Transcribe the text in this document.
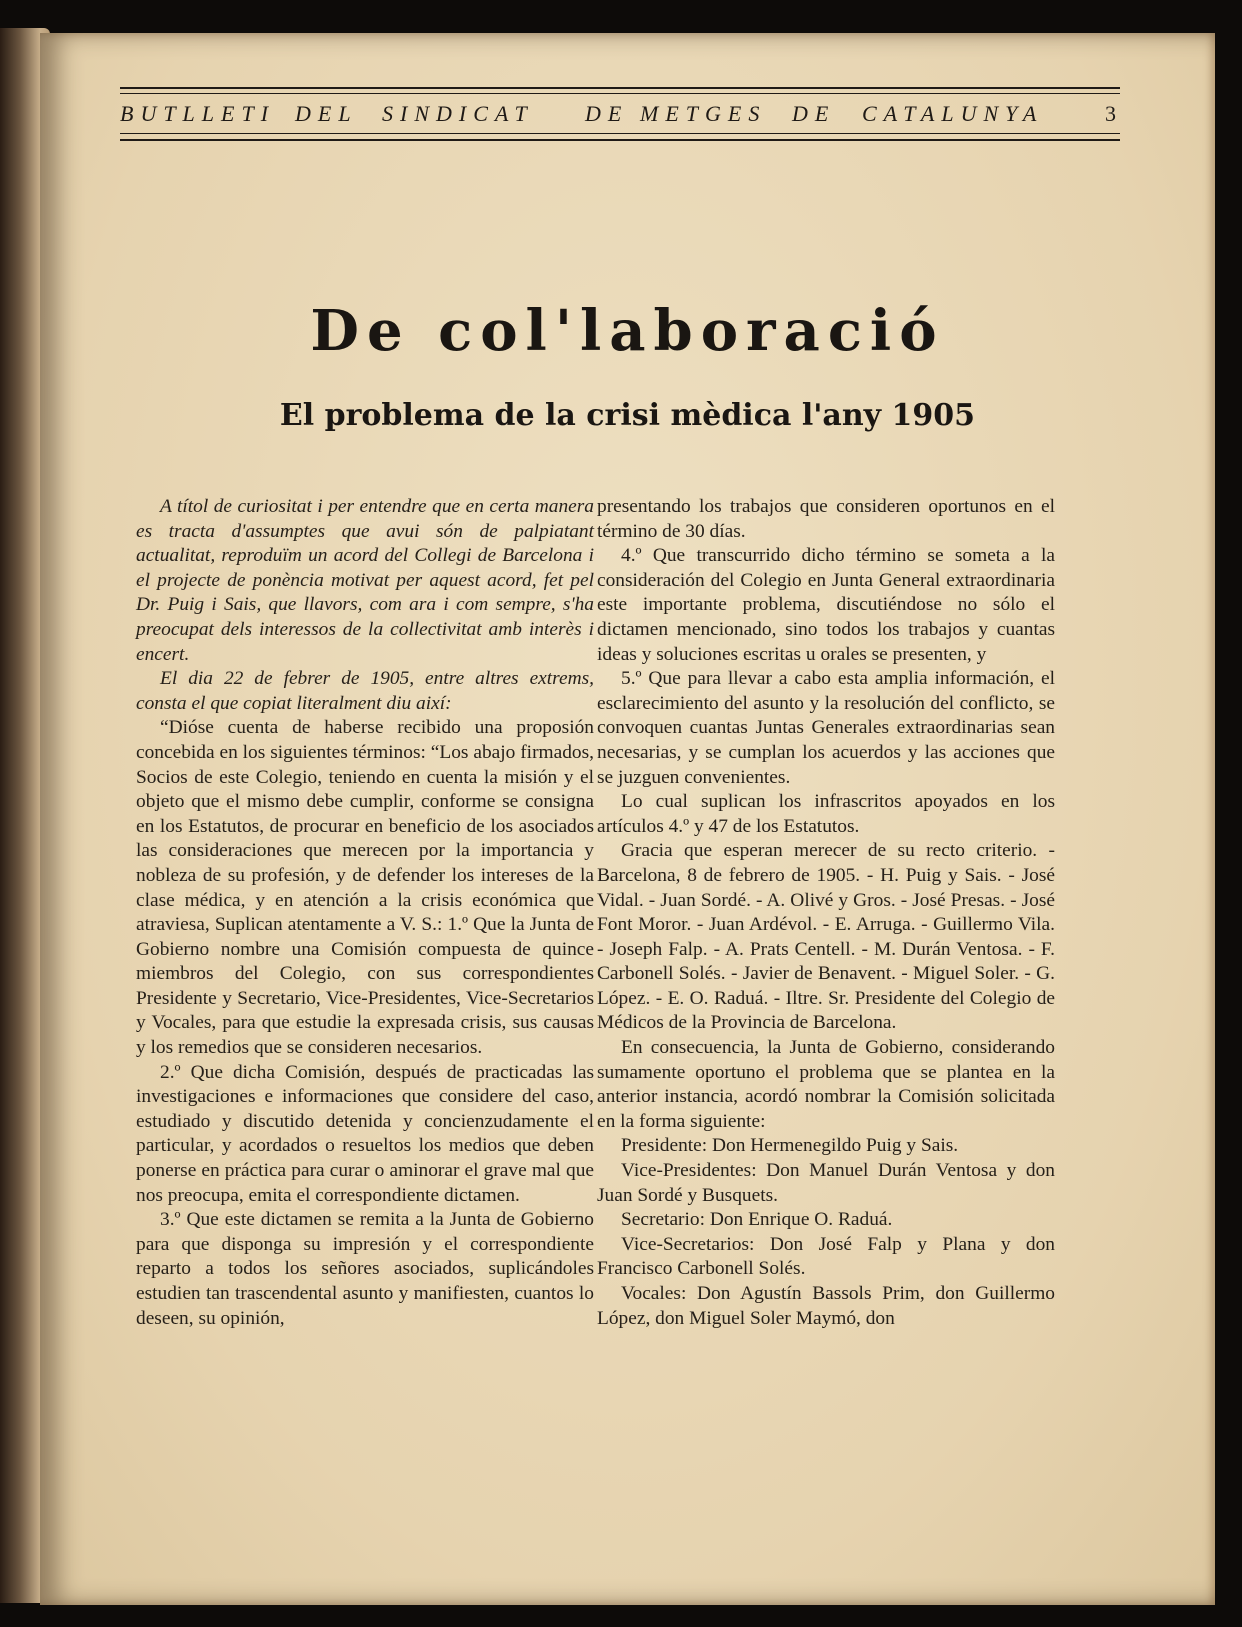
BUTLLETI DEL SINDICAT DE METGES DE CATALUNYA	3
De col'laboració
El problema de la crisi mèdica l'any 1905

A títol de curiositat i per entendre que en certa manera es tracta d'assumptes que avui són de palpiatant actualitat, reproduïm un acord del Collegi de Barcelona i el projecte de ponència motivat per aquest acord, fet pel Dr. Puig i Sais, que llavors, com ara i com sempre, s'ha preocupat dels interessos de la collectivitat amb interès i encert.

El dia 22 de febrer de 1905, entre altres extrems, consta el que copiat literalment diu així:

“Dióse cuenta de haberse recibido una proposión concebida en los siguientes términos: “Los abajo firmados, Socios de este Colegio, teniendo en cuenta la misión y el objeto que el mismo debe cumplir, conforme se consigna en los Estatutos, de procurar en beneficio de los asociados las consideraciones que merecen por la importancia y nobleza de su profesión, y de defender los intereses de la clase médica, y en atención a la crisis económica que atraviesa, Suplican atentamente a V. S.: 1.º Que la Junta de Gobierno nombre una Comisión compuesta de quince miembros del Colegio, con sus correspondientes Presidente y Secretario, Vice-Presidentes, Vice-Secretarios y Vocales, para que estudie la expresada crisis, sus causas y los remedios que se consideren necesarios.

2.º Que dicha Comisión, después de practicadas las investigaciones e informaciones que considere del caso, estudiado y discutido detenida y concienzudamente el particular, y acordados o resueltos los medios que deben ponerse en práctica para curar o aminorar el grave mal que nos preocupa, emita el correspondiente dictamen.

3.º Que este dictamen se remita a la Junta de Gobierno para que disponga su impresión y el correspondiente reparto a todos los señores asociados, suplicándoles estudien tan trascendental asunto y manifiesten, cuantos lo deseen, su opinión,

presentando los trabajos que consideren oportunos en el término de 30 días.

4.º Que transcurrido dicho término se someta a la consideración del Colegio en Junta General extraordinaria este importante problema, discutiéndose no sólo el dictamen mencionado, sino todos los trabajos y cuantas ideas y soluciones escritas u orales se presenten, y

5.º Que para llevar a cabo esta amplia información, el esclarecimiento del asunto y la resolución del conflicto, se convoquen cuantas Juntas Generales extraordinarias sean necesarias, y se cumplan los acuerdos y las acciones que se juzguen convenientes.

Lo cual suplican los infrascritos apoyados en los artículos 4.º y 47 de los Estatutos.

Gracia que esperan merecer de su recto criterio. - Barcelona, 8 de febrero de 1905. - H. Puig y Sais. - José Vidal. - Juan Sordé. - A. Olivé y Gros. - José Presas. - José Font Moror. - Juan Ardévol. - E. Arruga. - Guillermo Vila. - Joseph Falp. - A. Prats Centell. - M. Durán Ventosa. - F. Carbonell Solés. - Javier de Benavent. - Miguel Soler. - G. López. - E. O. Raduá. - Iltre. Sr. Presidente del Colegio de Médicos de la Provincia de Barcelona.

En consecuencia, la Junta de Gobierno, considerando sumamente oportuno el problema que se plantea en la anterior instancia, acordó nombrar la Comisión solicitada en la forma siguiente:

Presidente: Don Hermenegildo Puig y Sais.

Vice-Presidentes: Don Manuel Durán Ventosa y don Juan Sordé y Busquets.

Secretario: Don Enrique O. Raduá.

Vice-Secretarios: Don José Falp y Plana y don Francisco Carbonell Solés.

Vocales: Don Agustín Bassols Prim, don Guillermo López, don Miguel Soler Maymó, don
